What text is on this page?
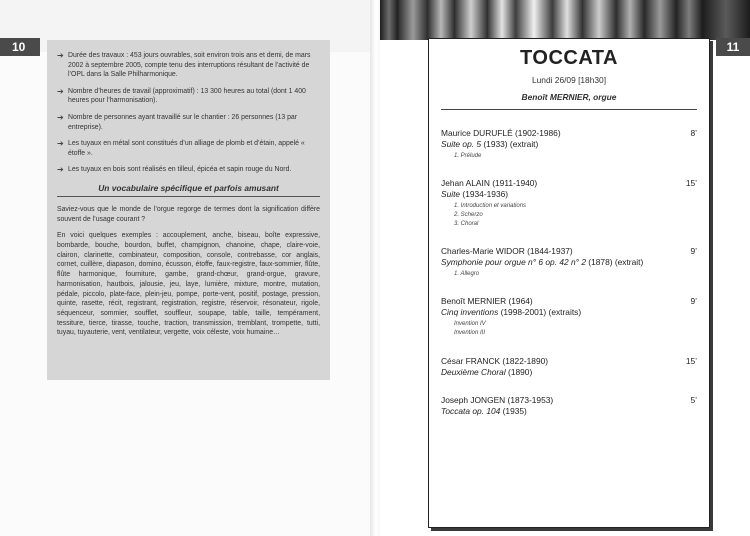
10
➔ Durée des travaux : 453 jours ouvrables, soit environ trois ans et demi, de mars 2002 à septembre 2005, compte tenu des interruptions résultant de l’activité de l’OPL dans la Salle Philharmonique.
➔ Nombre d’heures de travail (approximatif) : 13 300 heures au total (dont 1 400 heures pour l’harmonisation).
➔ Nombre de personnes ayant travaillé sur le chantier : 26 personnes (13 par entreprise).
➔ Les tuyaux en métal sont constitués d’un alliage de plomb et d’étain, appelé « étoffe ».
➔ Les tuyaux en bois sont réalisés en tilleul, épicéa et sapin rouge du Nord.
Un vocabulaire spécifique et parfois amusant

Saviez-vous que le monde de l’orgue regorge de termes dont la signification diffère souvent de l’usage courant ?

En voici quelques exemples : accouplement, anche, biseau, boîte expressive, bombarde, bouche, bourdon, buffet, champignon, chanoine, chape, claire-voie, clairon, clarinette, combinateur, composition, console, contrebasse, cor anglais, cornet, cuillère, diapason, domino, écusson, étoffe, faux-registre, faux-sommier, flûte, flûte harmonique, fourniture, gambe, grand-chœur, grand-orgue, gravure, harmonisation, hautbois, jalousie, jeu, laye, lumière, mixture, montre, mutation, pédale, piccolo, plate-face, plein-jeu, pompe, porte-vent, positif, postage, pression, quinte, rasette, récit, registrant, registration, registre, réservoir, résonateur, rigole, séquenceur, sommier, soufflet, souffleur, soupape, table, taille, tempérament, tessiture, tierce, tirasse, touche, traction, transmission, tremblant, trompette, tutti, tuyau, tuyauterie, vent, ventilateur, vergette, voix céleste, voix humaine…

11
TOCCATA
Lundi 26/09 [18h30]
Benoît MERNIER, orgue
Maurice DURUFLÉ (1902-1986)	8’
Suite op. 5 (1933) (extrait)
1. Prélude
Jehan ALAIN (1911-1940)	15’
Suite (1934-1936)
1. Introduction et variations
2. Scherzo
3. Choral
Charles-Marie WIDOR (1844-1937)	9’
Symphonie pour orgue n° 6 op. 42 n° 2 (1878) (extrait)
1. Allegro
Benoît MERNIER (1964)	9’
Cinq inventions (1998-2001) (extraits)
Invention IV
Invention III
César FRANCK (1822-1890)	15’
Deuxième Choral (1890)
Joseph JONGEN (1873-1953)	5’
Toccata op. 104 (1935)
